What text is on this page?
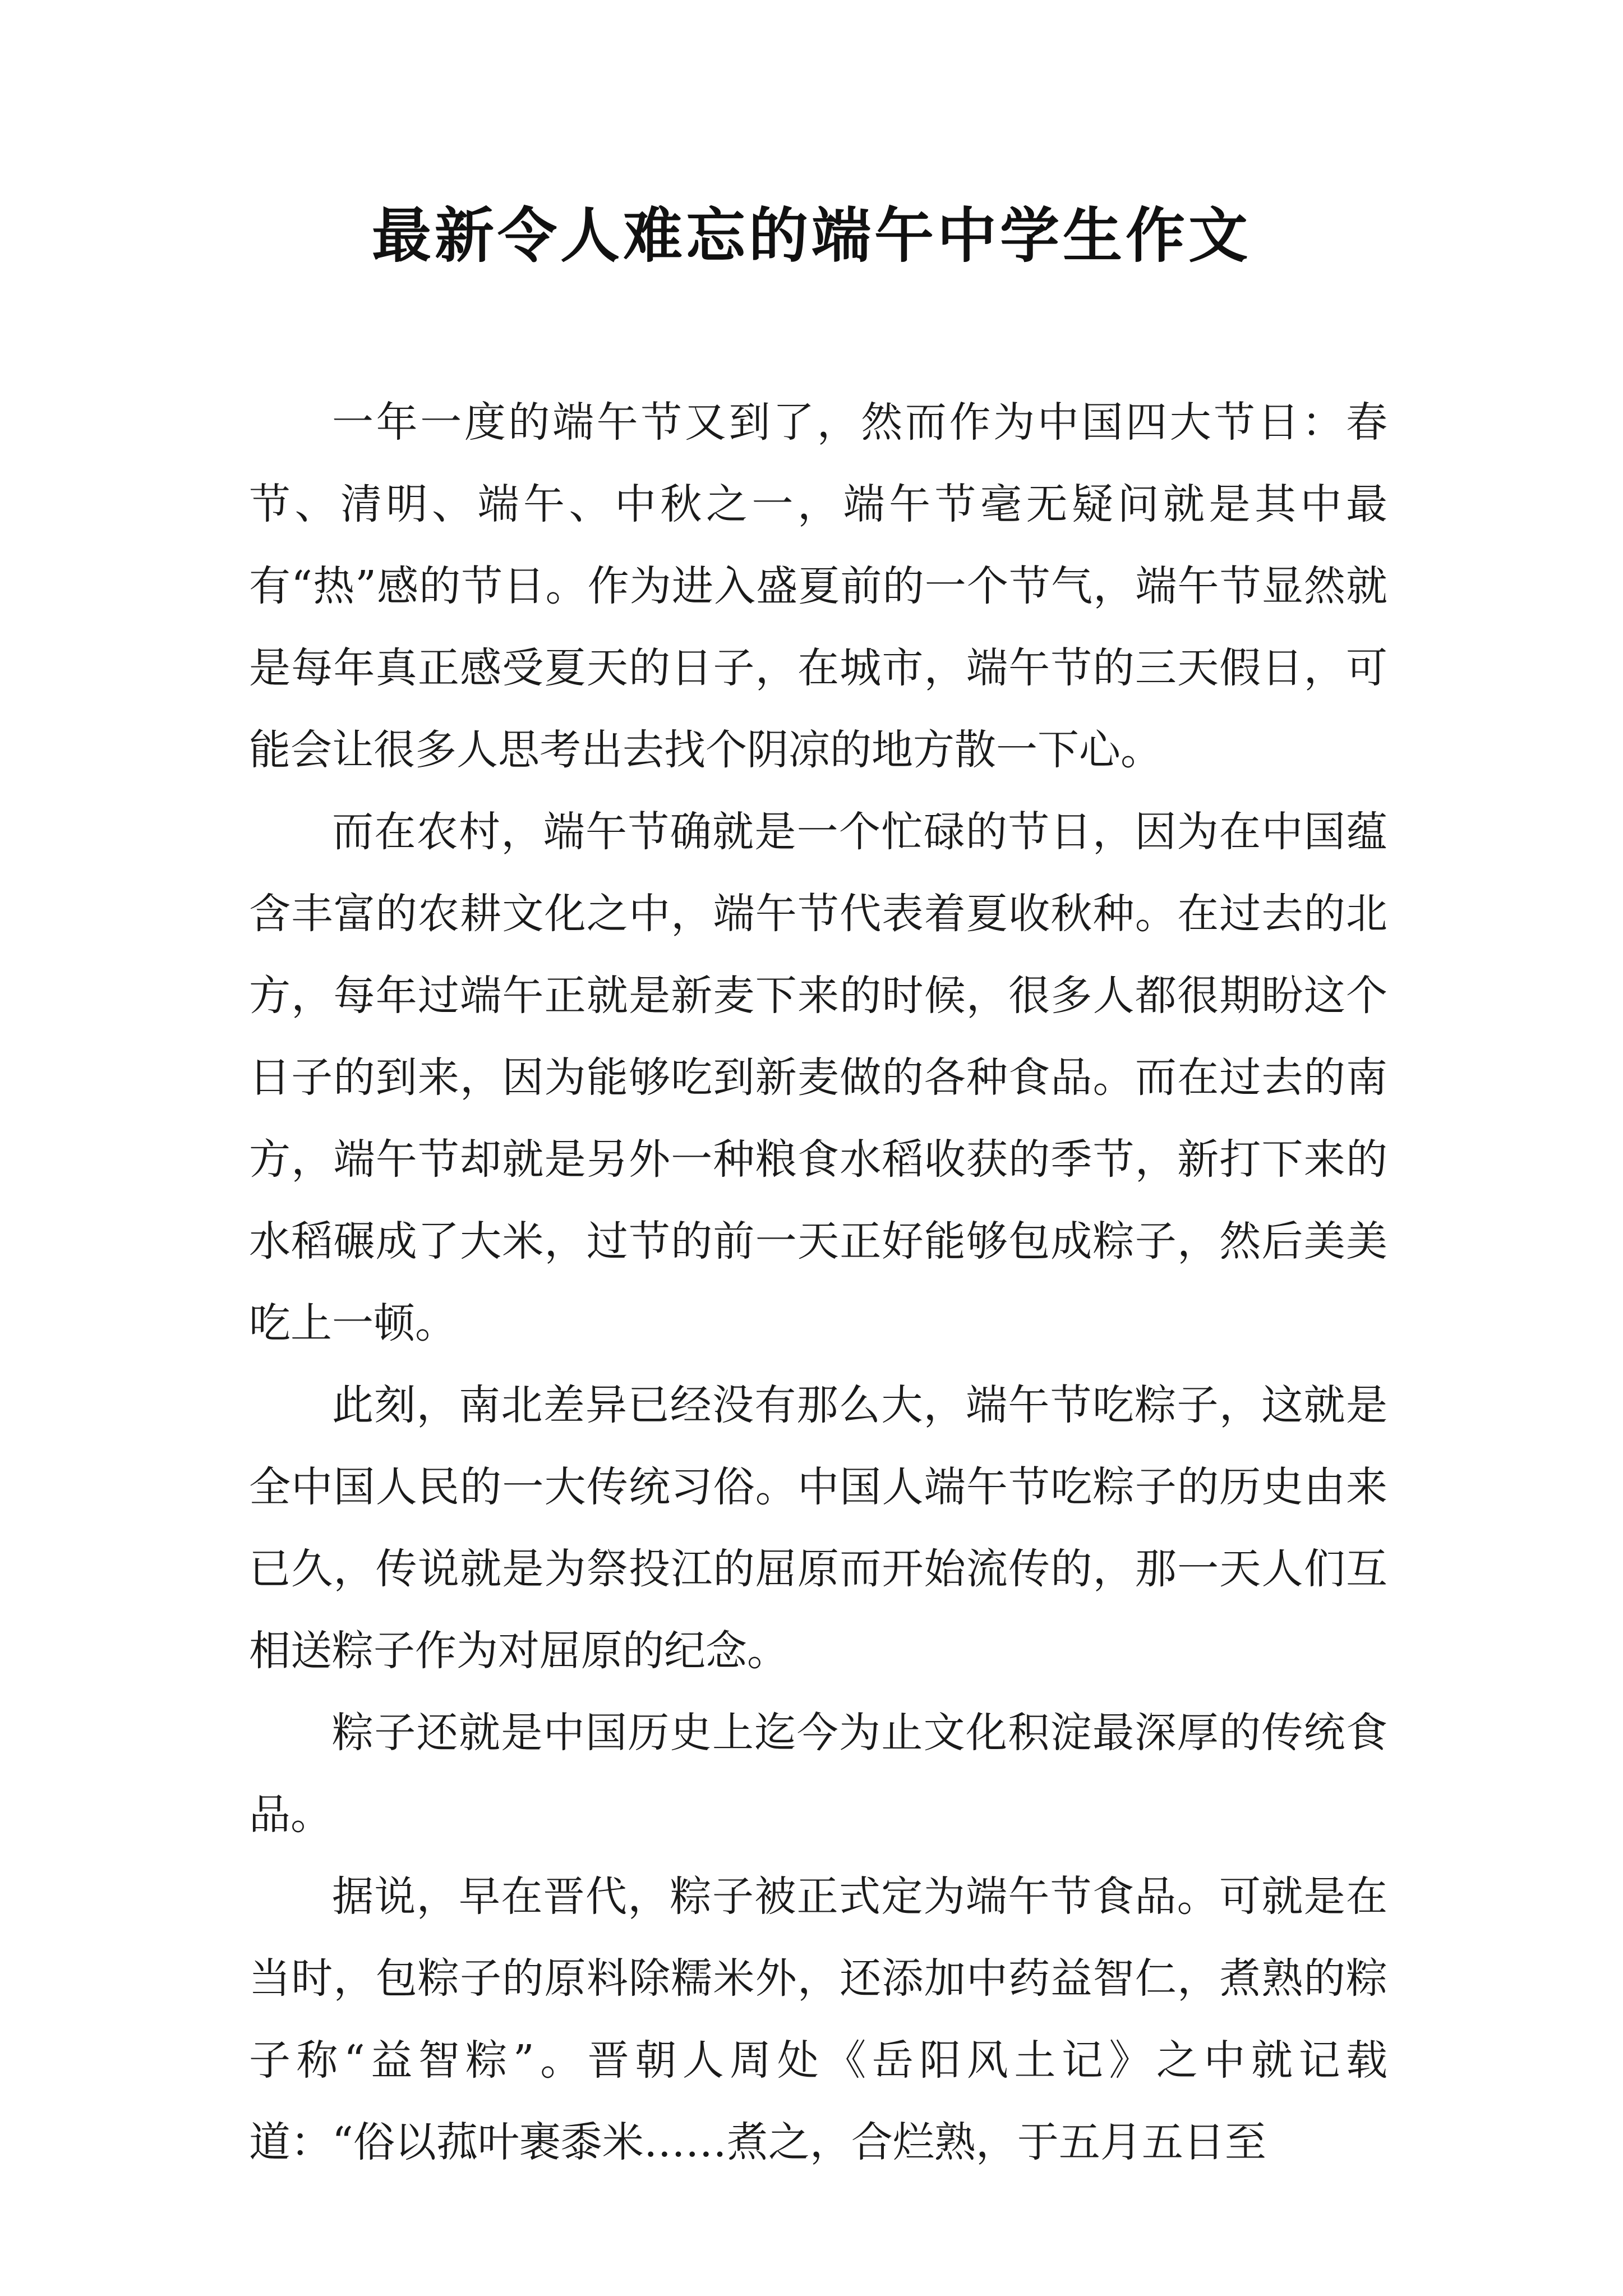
最新令人难忘的端午中学生作文

一年一度的端午节又到了，然而作为中国四大节日：春节、清明、端午、中秋之一，端午节毫无疑问就是其中最有“热”感的节日。作为进入盛夏前的一个节气，端午节显然就是每年真正感受夏天的日子，在城市，端午节的三天假日，可能会让很多人思考出去找个阴凉的地方散一下心。

而在农村，端午节确就是一个忙碌的节日，因为在中国蕴含丰富的农耕文化之中，端午节代表着夏收秋种。在过去的北方，每年过端午正就是新麦下来的时候，很多人都很期盼这个日子的到来，因为能够吃到新麦做的各种食品。而在过去的南方，端午节却就是另外一种粮食水稻收获的季节，新打下来的水稻碾成了大米，过节的前一天正好能够包成粽子，然后美美吃上一顿。

此刻，南北差异已经没有那么大，端午节吃粽子，这就是全中国人民的一大传统习俗。中国人端午节吃粽子的历史由来已久，传说就是为祭投江的屈原而开始流传的，那一天人们互相送粽子作为对屈原的纪念。

粽子还就是中国历史上迄今为止文化积淀最深厚的传统食品。

据说，早在晋代，粽子被正式定为端午节食品。可就是在当时，包粽子的原料除糯米外，还添加中药益智仁，煮熟的粽子称“益智粽”。晋朝人周处《岳阳风土记》之中就记载道：“俗以菰叶裹黍米……煮之，合烂熟，于五月五日至
